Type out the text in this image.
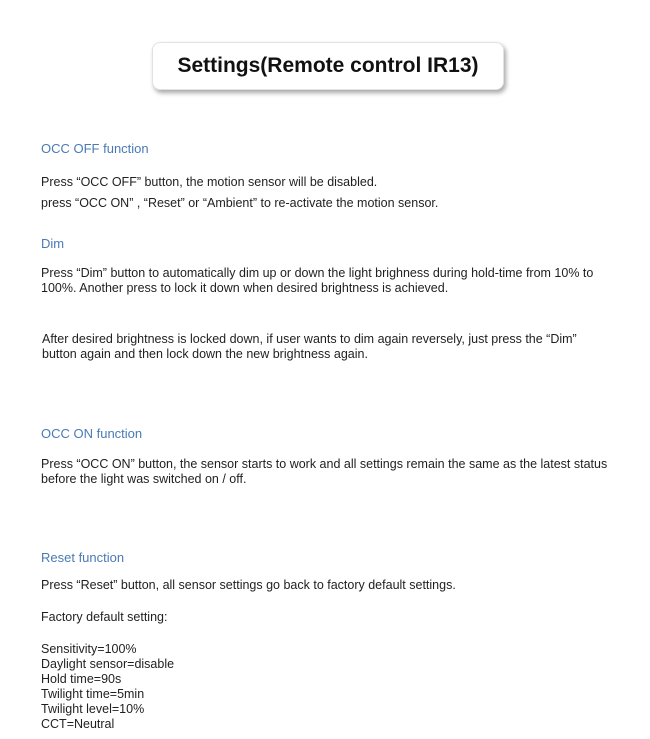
Settings(Remote control IR13)
OCC OFF function

Press “OCC OFF” button, the motion sensor will be disabled.

press “OCC ON” , “Reset” or “Ambient” to re-activate the motion sensor.

Dim
Press “Dim” button to automatically dim up or down the light brighness during hold-time from 10% to 100%. Another press to lock it down when desired brightness is achieved.
After desired brightness is locked down, if user wants to dim again reversely, just press the “Dim” button again and then lock down the new brightness again.
OCC ON function
Press “OCC ON” button, the sensor starts to work and all settings remain the same as the latest status before the light was switched on / off.
Reset function
Press “Reset” button, all sensor settings go back to factory default settings.
Factory default setting:
Sensitivity=100%
Daylight sensor=disable
Hold time=90s
Twilight time=5min
Twilight level=10%
CCT=Neutral
